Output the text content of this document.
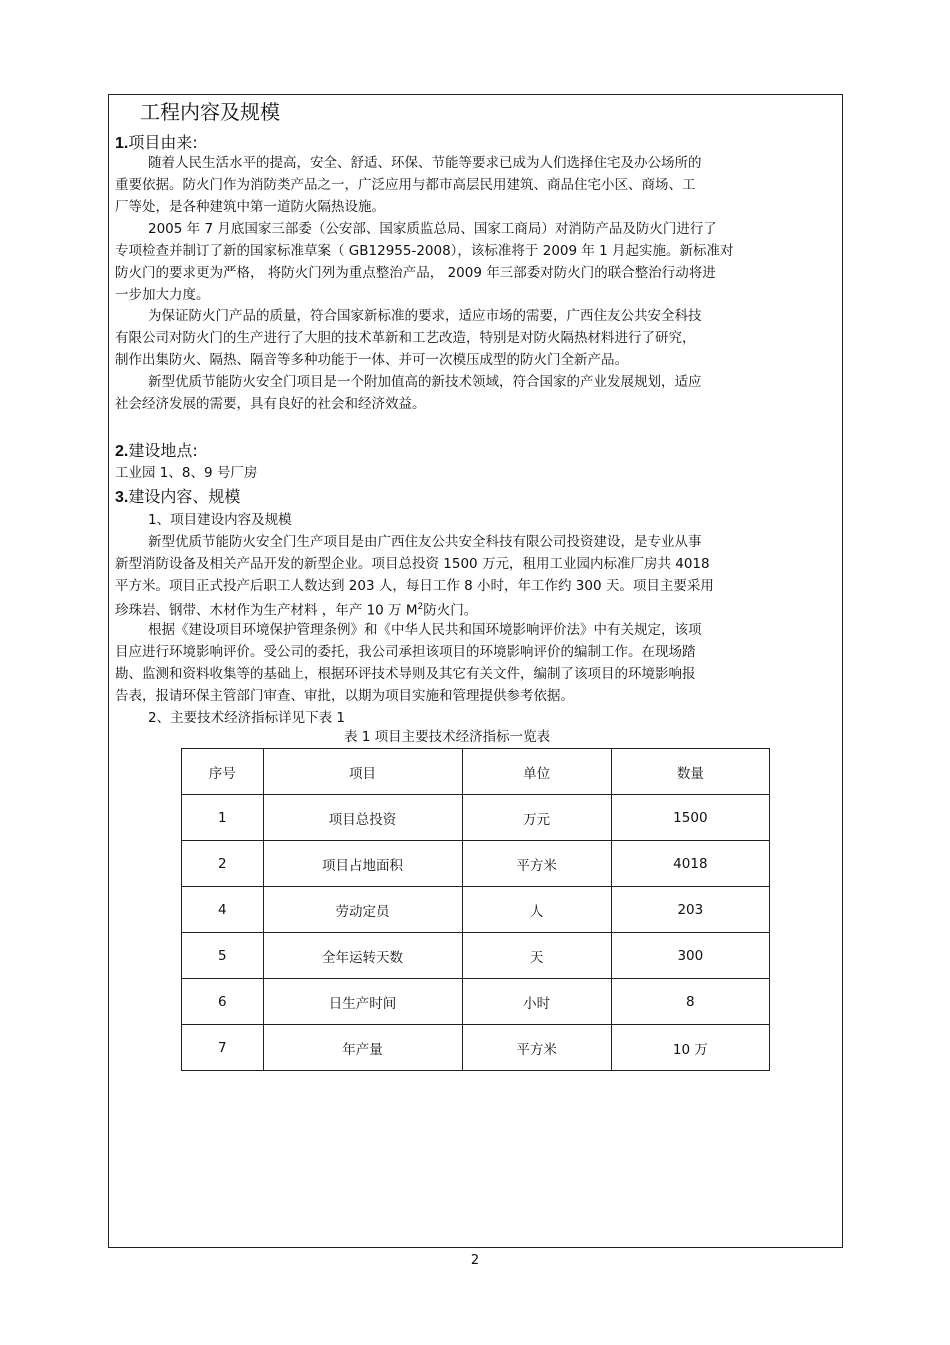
工程内容及规模
1.项目由来:
随着人民生活水平的提高，安全、舒适、环保、节能等要求已成为人们选择住宅及办公场所的
重要依据。防火门作为消防类产品之一，广泛应用与都市高层民用建筑、商品住宅小区、商场、工
厂等处，是各种建筑中第一道防火隔热设施。
2005 年 7 月底国家三部委（公安部、国家质监总局、国家工商局）对消防产品及防火门进行了
专项检查并制订了新的国家标准草案（ GB12955-2008），该标准将于 2009 年 1 月起实施。新标准对
防火门的要求更为严格， 将防火门列为重点整治产品， 2009 年三部委对防火门的联合整治行动将进
一步加大力度。
为保证防火门产品的质量，符合国家新标准的要求，适应市场的需要，广西住友公共安全科技
有限公司对防火门的生产进行了大胆的技术革新和工艺改造，特别是对防火隔热材料进行了研究，
制作出集防火、隔热、隔音等多种功能于一体、并可一次模压成型的防火门全新产品。
新型优质节能防火安全门项目是一个附加值高的新技术领域，符合国家的产业发展规划，适应
社会经济发展的需要，具有良好的社会和经济效益。
2.建设地点:
工业园 1、8、9 号厂房
3.建设内容、规模
1、项目建设内容及规模
新型优质节能防火安全门生产项目是由广西住友公共安全科技有限公司投资建设，是专业从事
新型消防设备及相关产品开发的新型企业。项目总投资 1500 万元，租用工业园内标准厂房共 4018
平方米。项目正式投产后职工人数达到 203 人，每日工作 8 小时，年工作约 300 天。项目主要采用
珍珠岩、钢带、木材作为生产材料 ，年产 10 万 $M^2$防火门。
根据《建设项目环境保护管理条例》和《中华人民共和国环境影响评价法》中有关规定，该项
目应进行环境影响评价。受公司的委托，我公司承担该项目的环境影响评价的编制工作。在现场踏
勘、监测和资料收集等的基础上，根据环评技术导则及其它有关文件，编制了该项目的环境影响报
告表，报请环保主管部门审查、审批，以期为项目实施和管理提供参考依据。
2、主要技术经济指标详见下表 1
表 1 项目主要技术经济指标一览表
序号	项目	单位	数量
1	项目总投资	万元	1500
2	项目占地面积	平方米	4018
4	劳动定员	人	203
5	全年运转天数	天	300
6	日生产时间	小时	8
7	年产量	平方米	10 万
2
